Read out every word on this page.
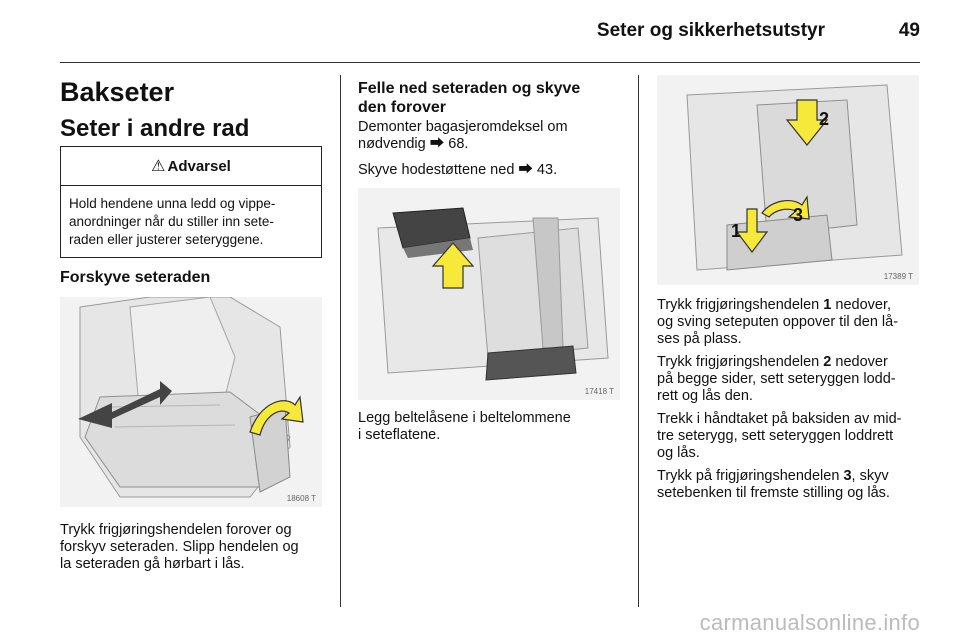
Seter og sikkerhetsutstyr	49
Bakseter
Seter i andre rad
⚠ Advarsel
Hold hendene unna ledd og vippe-
anordninger når du stiller inn sete-
raden eller justerer seteryggene.
Forskyve seteraden
18608 T
Trykk frigjøringshendelen forover og
forskyv seteraden. Slipp hendelen og
la seteraden gå hørbart i lås.
Felle ned seteraden og skyve
den forover
Demonter bagasjeromdeksel om
nødvendig ⮕ 68.
Skyve hodestøttene ned ⮕ 43.
17418 T
Legg beltelåsene i beltelommene
i seteflatene.
2
1
3
17389 T
Trykk frigjøringshendelen 1 nedover,
og sving seteputen oppover til den lå-
ses på plass.
Trykk frigjøringshendelen 2 nedover
på begge sider, sett seteryggen lodd-
rett og lås den.
Trekk i håndtaket på baksiden av mid-
tre seterygg, sett seteryggen loddrett
og lås.
Trykk på frigjøringshendelen 3, skyv
setebenken til fremste stilling og lås.
carmanualsonline.info
